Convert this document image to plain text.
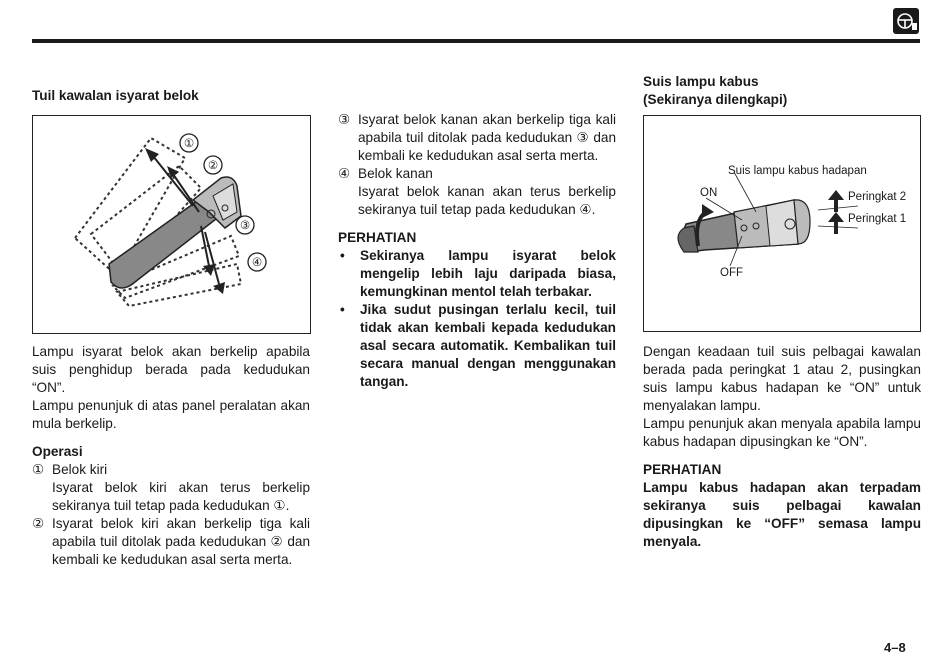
Tuil kawalan isyarat belok
①
②
③
④

Lampu isyarat belok akan berkelip apabila suis penghidup berada pada kedudukan “ON”.

Lampu penunjuk di atas panel peralatan akan mula berkelip.

Operasi
① Belok kiri

Isyarat belok kiri akan terus berkelip sekiranya tuil tetap pada kedudukan ①.

② Isyarat belok kiri akan berkelip tiga kali apabila tuil ditolak pada kedudukan ② dan kembali ke kedudukan asal serta merta.

③ Isyarat belok kanan akan berkelip tiga kali apabila tuil ditolak pada kedudukan ③ dan kembali ke kedudukan asal serta merta.

④ Belok kanan

Isyarat belok kanan akan terus berkelip sekiranya tuil tetap pada kedudukan ④.

PERHATIAN
• Sekiranya lampu isyarat belok mengelip lebih laju daripada biasa, kemungkinan mentol telah terbakar.

• Jika sudut pusingan terlalu kecil, tuil tidak akan kembali kepada kedudukan asal secara automatik. Kembalikan tuil secara manual dengan menggunakan tangan.

Suis lampu kabus
(Sekiranya dilengkapi)
Suis lampu kabus hadapan
ON
OFF
Peringkat 2
Peringkat 1

Dengan keadaan tuil suis pelbagai kawalan berada pada peringkat 1 atau 2, pusingkan suis lampu kabus hadapan ke “ON” untuk menyalakan lampu.

Lampu penunjuk akan menyala apabila lampu kabus hadapan dipusingkan ke “ON”.

PERHATIAN

Lampu kabus hadapan akan terpadam sekiranya suis pelbagai kawalan dipusingkan ke “OFF” semasa lampu menyala.

4–8
